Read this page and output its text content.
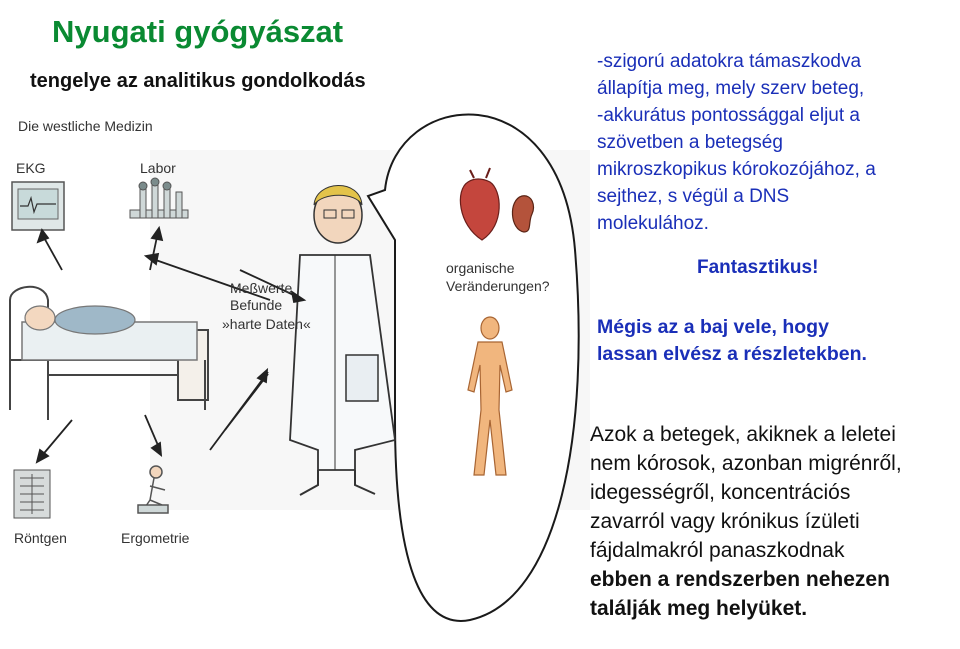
Die westliche Medizin
EKG	Labor
Meßwerte
Befunde
»harte Daten«
organische
Veränderungen?
Röntgen	Ergometrie
Nyugati gyógyászat
tengelye az analitikus gondolkodás
-szigorú adatokra támaszkodva
állapítja meg, mely szerv beteg,
-akkurátus pontossággal eljut a
szövetben a betegség
mikroszkopikus kórokozójához, a
sejthez, s végül a DNS
molekulához.
Fantasztikus!
Mégis az a baj vele, hogy
lassan elvész a részletekben.
Azok a betegek, akiknek a leletei
nem kórosok, azonban migrénről,
idegességről, koncentrációs
zavarról vagy krónikus ízületi
fájdalmakról panaszkodnak
ebben a rendszerben nehezen
találják meg helyüket.
